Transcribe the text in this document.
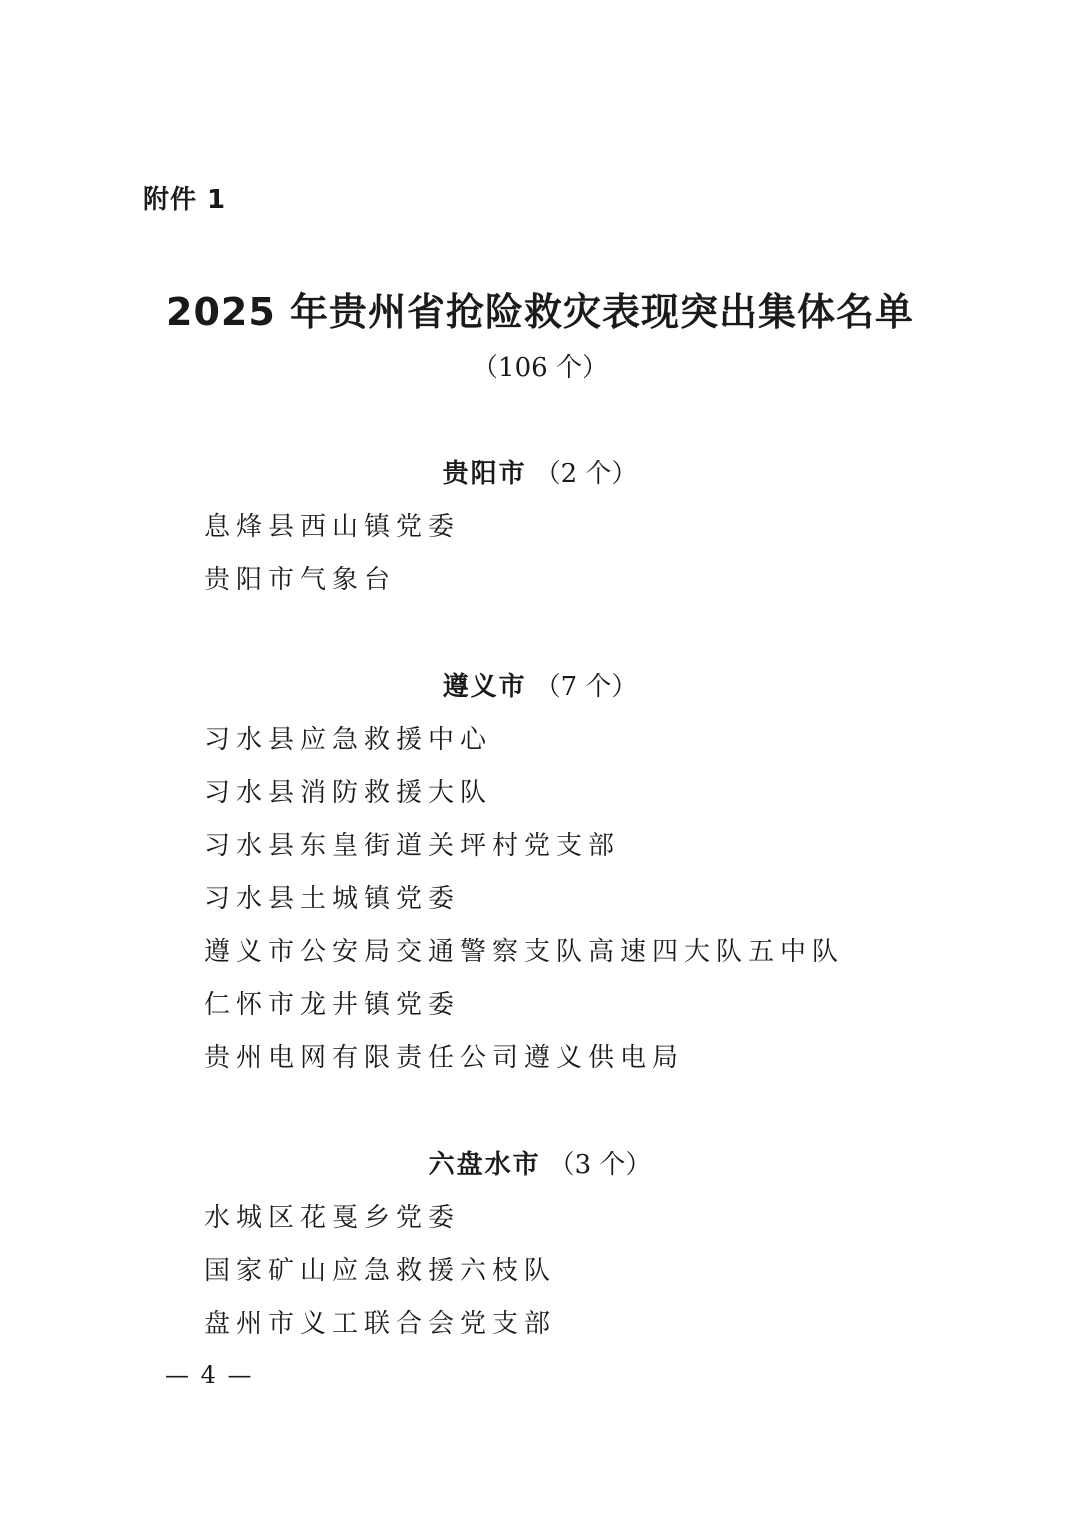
附件 1
2025 年贵州省抢险救灾表现突出集体名单
（106 个）
贵阳市 （2 个）
息烽县西山镇党委
贵阳市气象台
遵义市 （7 个）
习水县应急救援中心
习水县消防救援大队
习水县东皇街道关坪村党支部
习水县土城镇党委
遵义市公安局交通警察支队高速四大队五中队
仁怀市龙井镇党委
贵州电网有限责任公司遵义供电局
六盘水市 （3 个）
水城区花戛乡党委
国家矿山应急救援六枝队
盘州市义工联合会党支部
— 4 —
